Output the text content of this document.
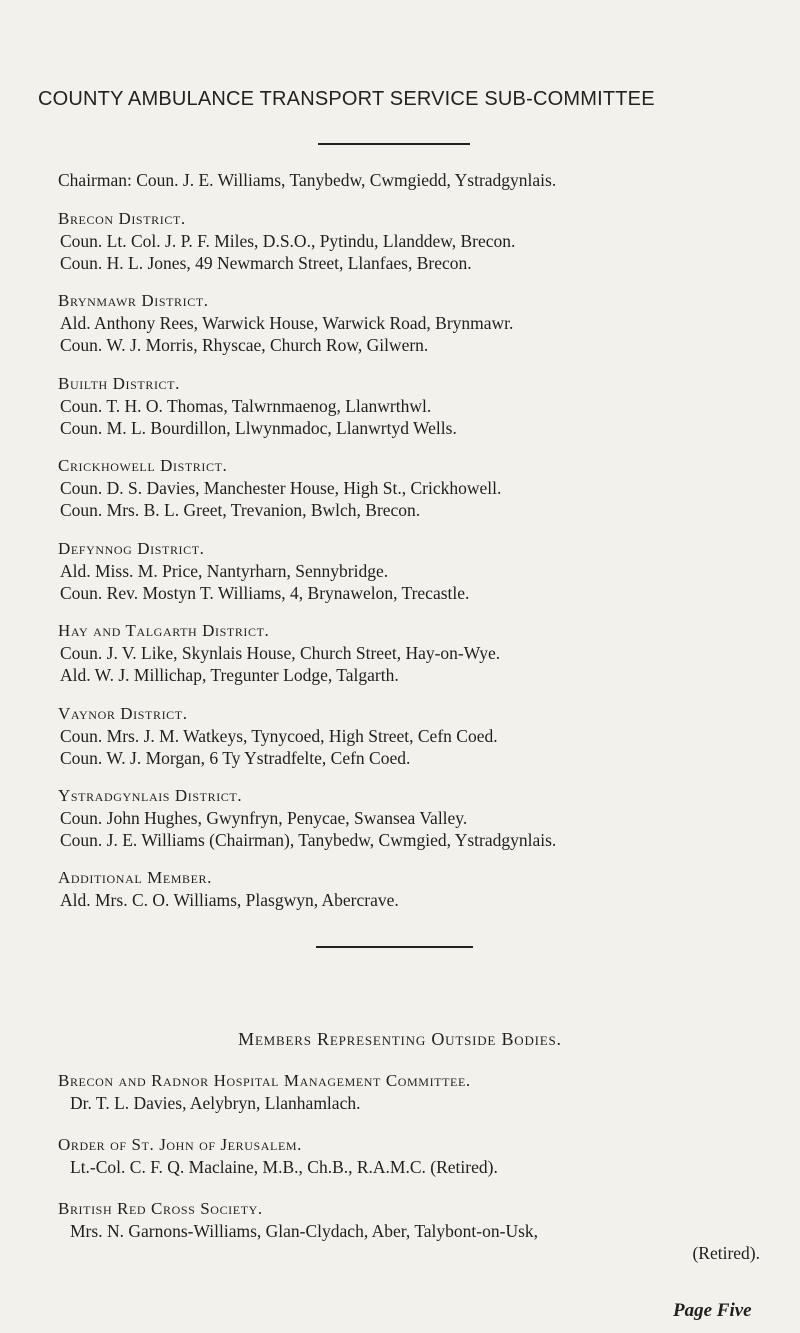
COUNTY AMBULANCE TRANSPORT SERVICE SUB-COMMITTEE
Chairman: Coun. J. E. Williams, Tanybedw, Cwmgiedd, Ystradgynlais.
Brecon District.
Coun. Lt. Col. J. P. F. Miles, D.S.O., Pytindu, Llanddew, Brecon.
Coun. H. L. Jones, 49 Newmarch Street, Llanfaes, Brecon.
Brynmawr District.
Ald. Anthony Rees, Warwick House, Warwick Road, Brynmawr.
Coun. W. J. Morris, Rhyscae, Church Row, Gilwern.
Builth District.
Coun. T. H. O. Thomas, Talwrnmaenog, Llanwrthwl.
Coun. M. L. Bourdillon, Llwynmadoc, Llanwrtyd Wells.
Crickhowell District.
Coun. D. S. Davies, Manchester House, High St., Crickhowell.
Coun. Mrs. B. L. Greet, Trevanion, Bwlch, Brecon.
Defynnog District.
Ald. Miss. M. Price, Nantyrharn, Sennybridge.
Coun. Rev. Mostyn T. Williams, 4, Brynawelon, Trecastle.
Hay and Talgarth District.
Coun. J. V. Like, Skynlais House, Church Street, Hay-on-Wye.
Ald. W. J. Millichap, Tregunter Lodge, Talgarth.
Vaynor District.
Coun. Mrs. J. M. Watkeys, Tynycoed, High Street, Cefn Coed.
Coun. W. J. Morgan, 6 Ty Ystradfelte, Cefn Coed.
Ystradgynlais District.
Coun. John Hughes, Gwynfryn, Penycae, Swansea Valley.
Coun. J. E. Williams (Chairman), Tanybedw, Cwmgied, Ystradgynlais.
Additional Member.
Ald. Mrs. C. O. Williams, Plasgwyn, Abercrave.
Members Representing Outside Bodies.
Brecon and Radnor Hospital Management Committee.
Dr. T. L. Davies, Aelybryn, Llanhamlach.
Order of St. John of Jerusalem.
Lt.-Col. C. F. Q. Maclaine, M.B., Ch.B., R.A.M.C. (Retired).
British Red Cross Society.
Mrs. N. Garnons-Williams, Glan-Clydach, Aber, Talybont-on-Usk,
(Retired).
Page Five
